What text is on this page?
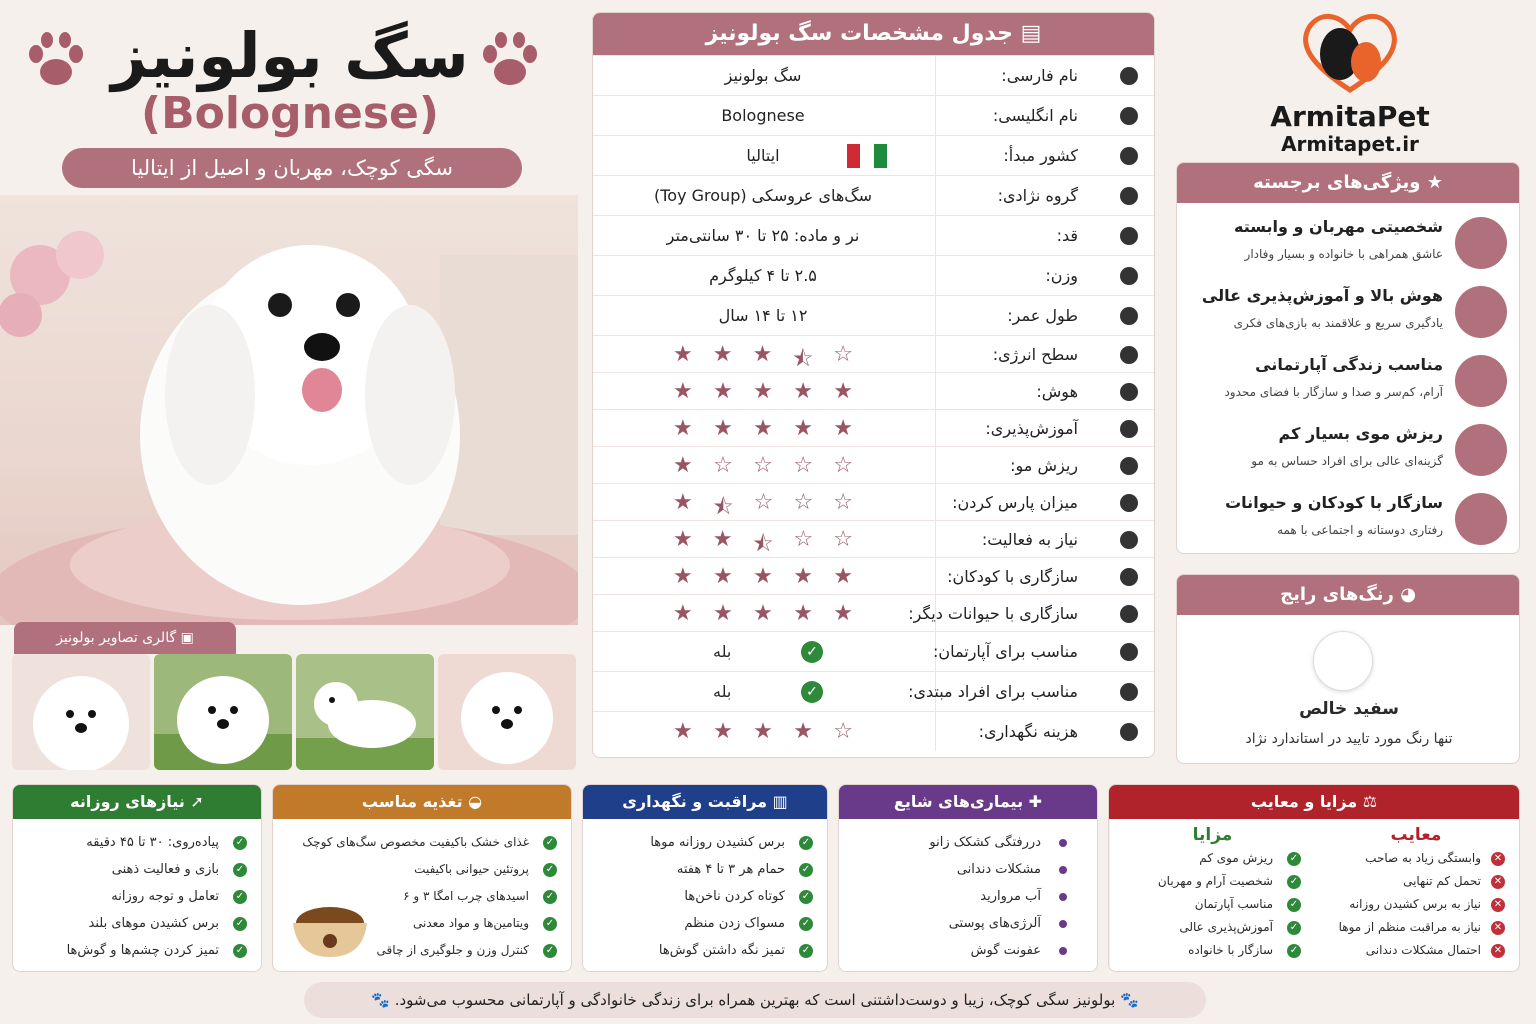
سگ بولونیز
(Bolognese)
سگی کوچک، مهربان و اصیل از ایتالیا
▣ گالری تصاویر بولونیز
▤ جدول مشخصات سگ بولونیز
نام فارسی:
سگ بولونیز
نام انگلیسی:
Bolognese
کشور مبدأ:
ایتالیا
گروه نژادی:
سگ‌های عروسکی (Toy Group)
قد:
نر و ماده: ۲۵ تا ۳۰ سانتی‌متر
وزن:
۲.۵ تا ۴ کیلوگرم
طول عمر:
۱۲ تا ۱۴ سال
سطح انرژی:
★ ★ ★ ⯪ ☆
هوش:
★ ★ ★ ★ ★
آموزش‌پذیری:
★ ★ ★ ★ ★
ریزش مو:
★ ☆ ☆ ☆ ☆
میزان پارس کردن:
★ ⯪ ☆ ☆ ☆
نیاز به فعالیت:
★ ★ ⯪ ☆ ☆
سازگاری با کودکان:
★ ★ ★ ★ ★
سازگاری با حیوانات دیگر:
★ ★ ★ ★ ★
مناسب برای آپارتمان:
✓
بله
مناسب برای افراد مبتدی:
✓
بله
هزینه نگهداری:
★ ★ ★ ★ ☆
ArmitaPet
Armitapet.ir
★ ویژگی‌های برجسته
شخصیتی مهربان و وابسته
عاشق همراهی با خانواده و بسیار وفادار
هوش بالا و آموزش‌پذیری عالی
یادگیری سریع و علاقمند به بازی‌های فکری
مناسب زندگی آپارتمانی
آرام، کم‌سر و صدا و سازگار با فضای محدود
ریزش موی بسیار کم
گزینه‌ای عالی برای افراد حساس به مو
سازگار با کودکان و حیوانات
رفتاری دوستانه و اجتماعی با همه
◕ رنگ‌های رایج
سفید خالص
تنها رنگ مورد تایید در استاندارد نژاد
➚ نیازهای روزانه
✓
پیاده‌روی: ۳۰ تا ۴۵ دقیقه
✓
بازی و فعالیت ذهنی
✓
تعامل و توجه روزانه
✓
برس کشیدن موهای بلند
✓
تمیز کردن چشم‌ها و گوش‌ها
◒ تغذیه مناسب
✓
غذای خشک باکیفیت مخصوص سگ‌های کوچک
✓
پروتئین حیوانی باکیفیت
✓
اسیدهای چرب امگا ۳ و ۶
✓
ویتامین‌ها و مواد معدنی
✓
کنترل وزن و جلوگیری از چاقی
▥ مراقبت و نگهداری
✓
برس کشیدن روزانه موها
✓
حمام هر ۳ تا ۴ هفته
✓
کوتاه کردن ناخن‌ها
✓
مسواک زدن منظم
✓
تمیز نگه داشتن گوش‌ها
✚ بیماری‌های شایع
دررفتگی کشکک زانو
مشکلات دندانی
آب مروارید
آلرژی‌های پوستی
عفونت گوش
⚖ مزایا و معایب
معایب
✕
وابستگی زیاد به صاحب
✕
تحمل کم تنهایی
✕
نیاز به برس کشیدن روزانه
✕
نیاز به مراقبت منظم از موها
✕
احتمال مشکلات دندانی
مزایا
✓
ریزش موی کم
✓
شخصیت آرام و مهربان
✓
مناسب آپارتمان
✓
آموزش‌پذیری عالی
✓
سازگار با خانواده
🐾 بولونیز سگی کوچک، زیبا و دوست‌داشتنی است که بهترین همراه برای زندگی خانوادگی و آپارتمانی محسوب می‌شود. 🐾
